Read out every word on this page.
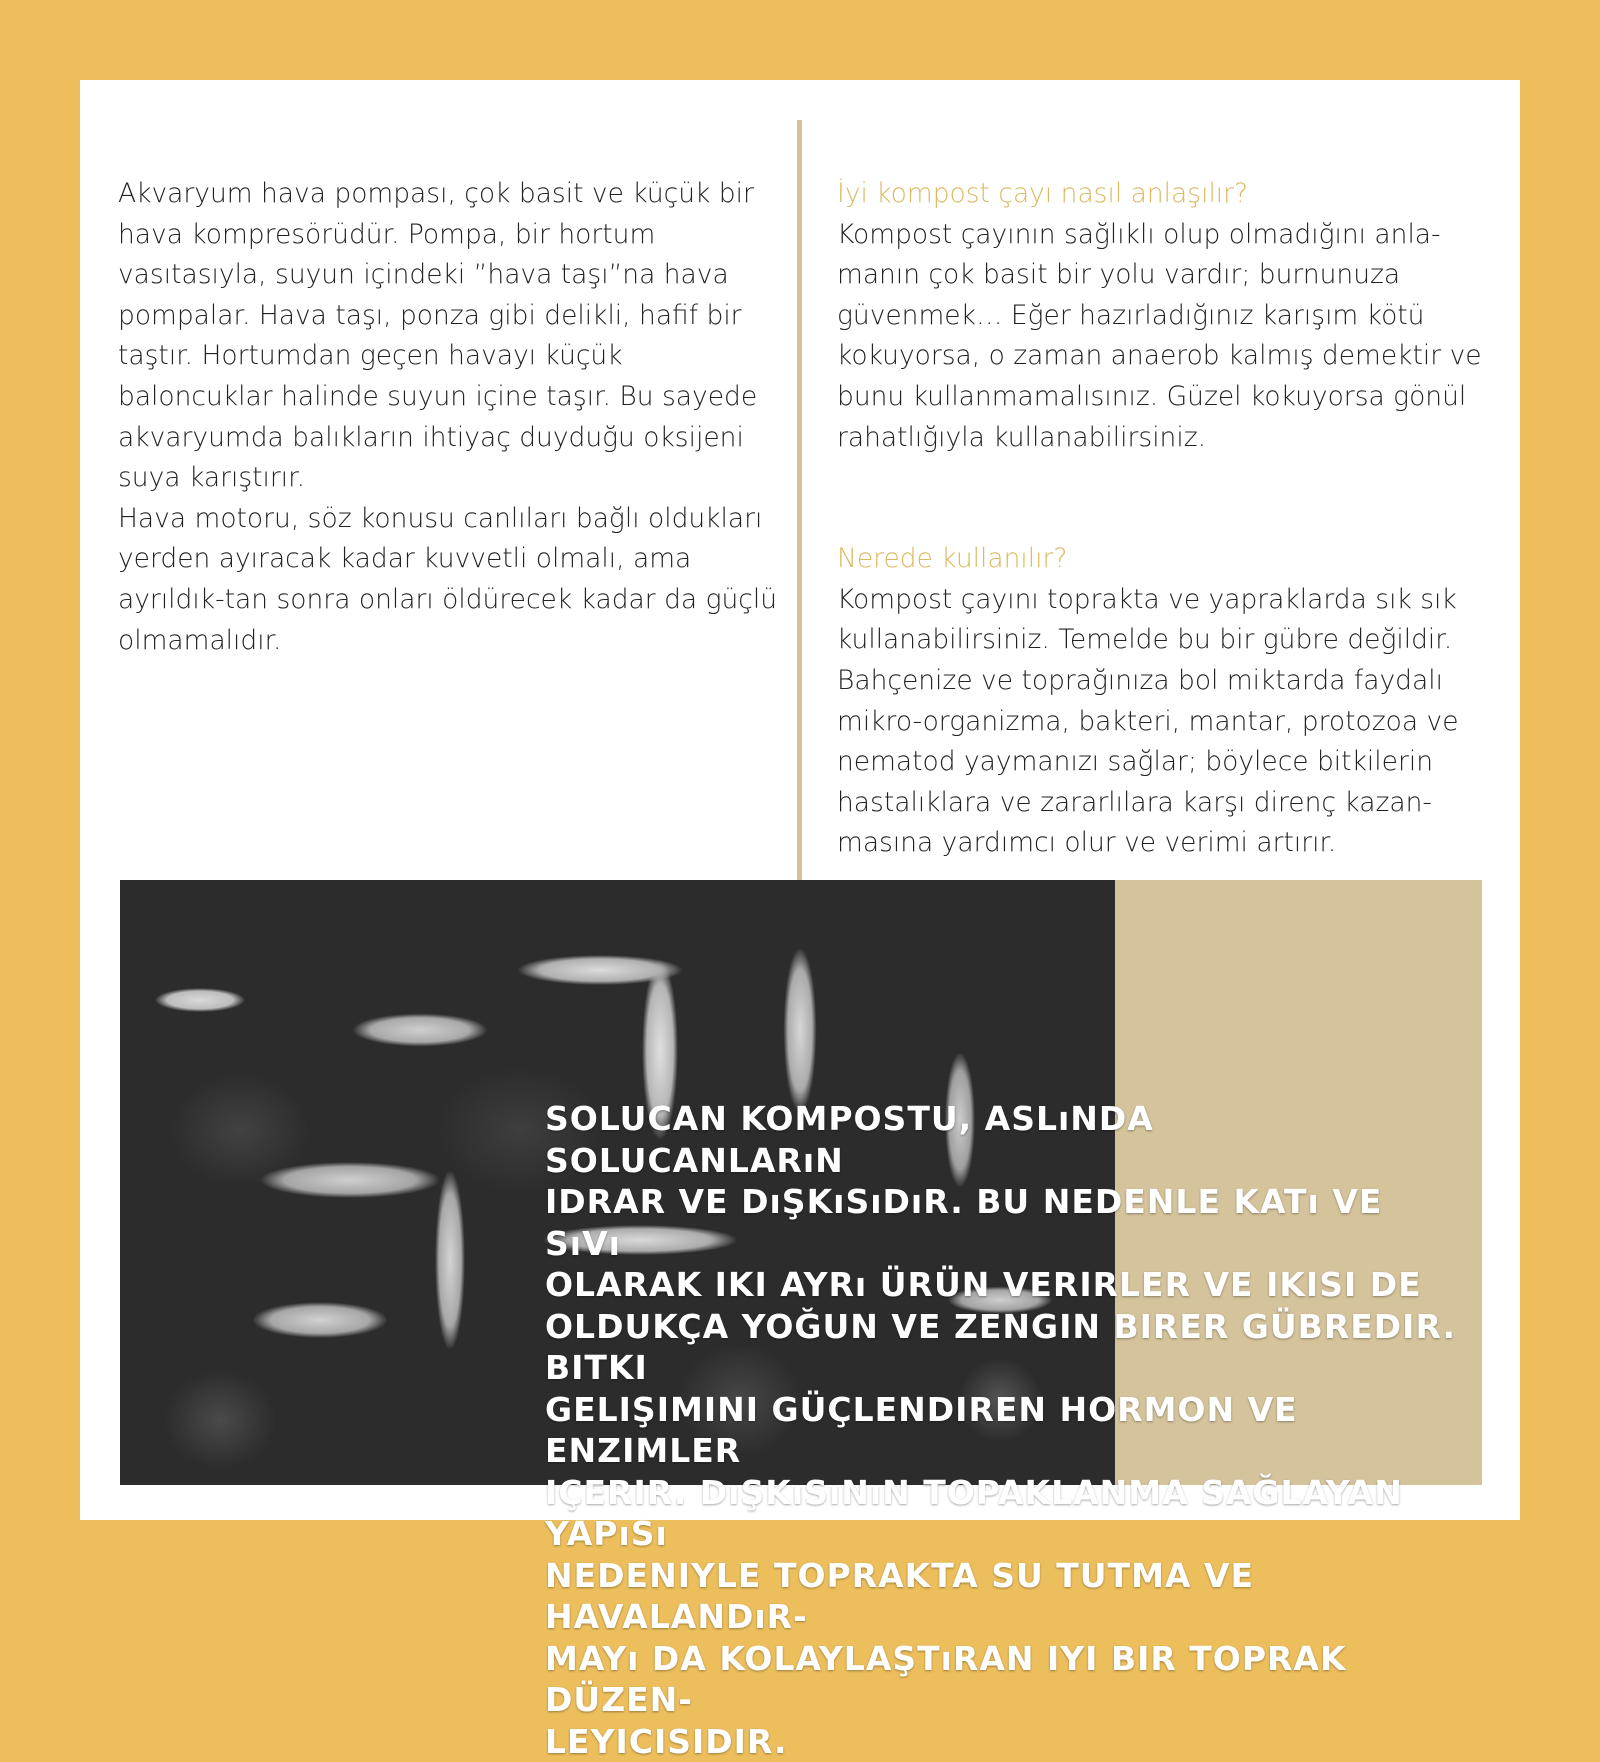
Akvaryum hava pompası, çok basit ve küçük bir hava kompresörüdür. Pompa, bir hortum vasıtasıyla, suyun içindeki ”hava taşı”na hava pompalar. Hava taşı, ponza gibi delikli, hafif bir taştır. Hortumdan geçen havayı küçük baloncuklar halinde suyun içine taşır. Bu sayede akvaryumda balıkların ihtiyaç duyduğu oksijeni suya karıştırır.

Hava motoru, söz konusu canlıları bağlı oldukları yerden ayıracak kadar kuvvetli olmalı, ama ayrıldık-tan sonra onları öldürecek kadar da güçlü olmamalıdır.

İyi kompost çayı nasıl anlaşılır?

Kompost çayının sağlıklı olup olmadığını anla-manın çok basit bir yolu vardır; burnunuza güvenmek… Eğer hazırladığınız karışım kötü kokuyorsa, o zaman anaerob kalmış demektir ve bunu kullanmamalısınız. Güzel kokuyorsa gönül rahatlığıyla kullanabilirsiniz.

Nerede kullanılır?

Kompost çayını toprakta ve yapraklarda sık sık kullanabilirsiniz. Temelde bu bir gübre değildir. Bahçenize ve toprağınıza bol miktarda faydalı mikro-organizma, bakteri, mantar, protozoa ve nematod yaymanızı sağlar; böylece bitkilerin hastalıklara ve zararlılara karşı direnç kazan-masına yardımcı olur ve verimi artırır.

SOLUCAN KOMPOSTU, ASLıNDA SOLUCANLARıN
IDRAR VE DıŞKıSıDıR. BU NEDENLE KATı VE SıVı
OLARAK IKI AYRı ÜRÜN VERIRLER VE IKISI DE
OLDUKÇA YOĞUN VE ZENGIN BIRER GÜBREDIR. BITKI
GELIŞIMINI GÜÇLENDIREN HORMON VE ENZIMLER
IÇERIR. DıŞKıSıNıN TOPAKLANMA SAĞLAYAN YAPıSı
NEDENIYLE TOPRAKTA SU TUTMA VE HAVALANDıR-
MAYı DA KOLAYLAŞTıRAN IYI BIR TOPRAK DÜZEN-
LEYICISIDIR.
